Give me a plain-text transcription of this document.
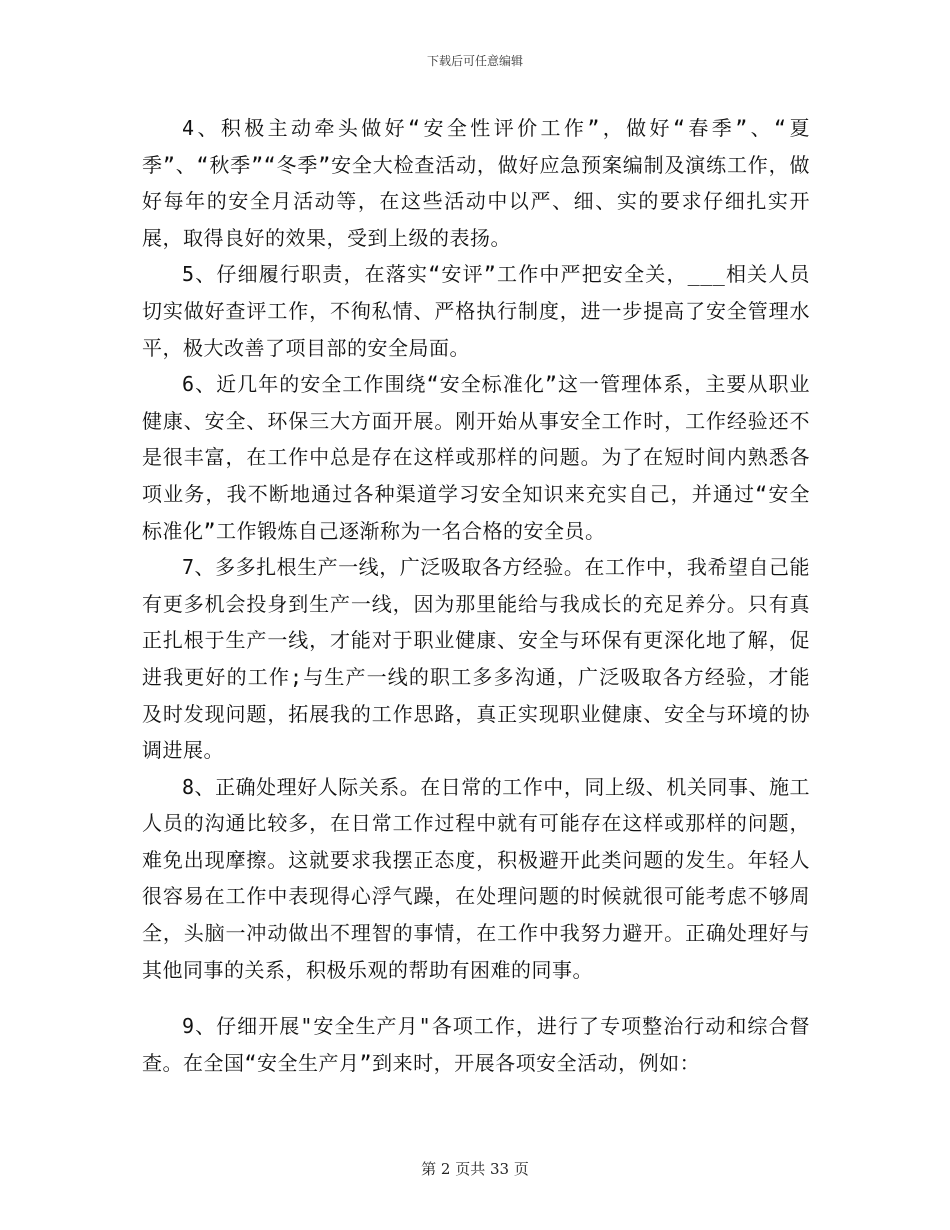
下载后可任意编辑

4、积极主动牵头做好“安全性评价工作”，做好“春季”、“夏季”、“秋季”“冬季”安全大检查活动，做好应急预案编制及演练工作，做好每年的安全月活动等，在这些活动中以严、细、实的要求仔细扎实开展，取得良好的效果，受到上级的表扬。

5、仔细履行职责，在落实“安评”工作中严把安全关，___相关人员切实做好查评工作，不徇私情、严格执行制度，进一步提高了安全管理水平，极大改善了项目部的安全局面。

6、近几年的安全工作围绕“安全标准化”这一管理体系，主要从职业健康、安全、环保三大方面开展。刚开始从事安全工作时，工作经验还不是很丰富，在工作中总是存在这样或那样的问题。为了在短时间内熟悉各项业务，我不断地通过各种渠道学习安全知识来充实自己，并通过“安全标准化”工作锻炼自己逐渐称为一名合格的安全员。

7、多多扎根生产一线，广泛吸取各方经验。在工作中，我希望自己能有更多机会投身到生产一线，因为那里能给与我成长的充足养分。只有真正扎根于生产一线，才能对于职业健康、安全与环保有更深化地了解，促进我更好的工作;与生产一线的职工多多沟通，广泛吸取各方经验，才能及时发现问题，拓展我的工作思路，真正实现职业健康、安全与环境的协调进展。

8、正确处理好人际关系。在日常的工作中，同上级、机关同事、施工人员的沟通比较多，在日常工作过程中就有可能存在这样或那样的问题，难免出现摩擦。这就要求我摆正态度，积极避开此类问题的发生。年轻人很容易在工作中表现得心浮气躁，在处理问题的时候就很可能考虑不够周全，头脑一冲动做出不理智的事情，在工作中我努力避开。正确处理好与其他同事的关系，积极乐观的帮助有困难的同事。

9、仔细开展"安全生产月"各项工作，进行了专项整治行动和综合督查。在全国“安全生产月”到来时，开展各项安全活动，例如：

第 2 页共 33 页
